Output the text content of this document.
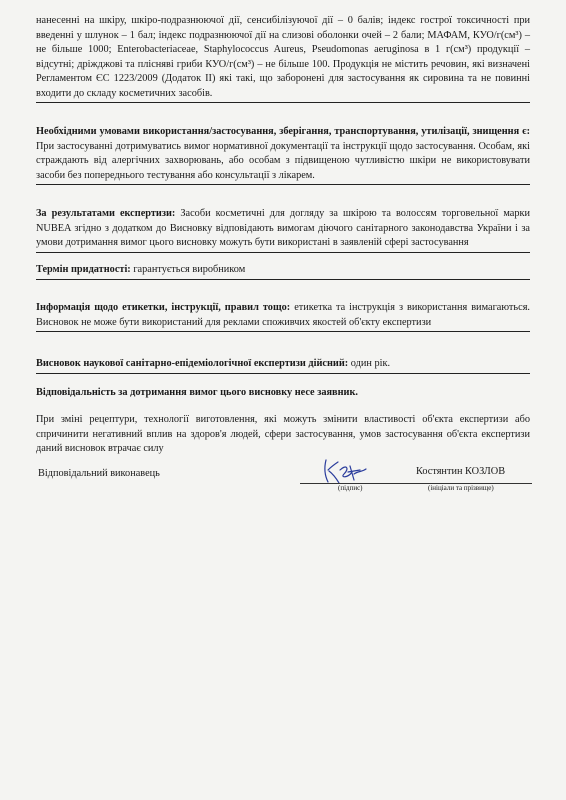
нанесенні на шкіру, шкіро-подразнюючої дії, сенсибілізуючої дії – 0 балів; індекс гострої токсичності при введенні у шлунок – 1 бал; індекс подразнюючої дії на слизові оболонки очей – 2 бали; МАФАМ, КУО/г(см³) – не більше 1000; Enterobacteriaceae, Staphylococcus Aureus, Pseudomonas aeruginosa в 1 г(см³) продукції – відсутні; дріжджові та пліснявi гриби КУО/г(см³) – не більше 100. Продукція не містить речовин, які визначені Регламентом ЄС 1223/2009 (Додаток II) які такі, що заборонені для застосування як сировина та не повинні входити до складу косметичних засобів.
Необхідними умовами використання/застосування, зберігання, транспортування, утилізації, знищення є: При застосуванні дотримуватись вимог нормативної документації та інструкції щодо застосування. Особам, які страждають від алергічних захворювань, або особам з підвищеною чутливістю шкіри не використовувати засоби без попереднього тестування або консультації з лікарем.
За результатами експертизи: Засоби косметичні для догляду за шкірою та волоссям торговельної марки NUBEA згідно з додатком до Висновку відповідають вимогам діючого санітарного законодавства України і за умови дотримання вимог цього висновку можуть бути використані в заявленій сфері застосування
Термін придатності: гарантується виробником
Інформація щодо етикетки, інструкції, правил тощо: етикетка та інструкція з використання вимагаються. Висновок не може бути використаний для реклами споживчих якостей об'єкту експертизи
Висновок наукової санітарно-епідеміологічної експертизи дійсний: один рік.
Відповідальність за дотримання вимог цього висновку несе заявник.
При зміні рецептури, технології виготовлення, які можуть змінити властивості об'єкта експертизи або спричинити негативний вплив на здоров'я людей, сфери застосування, умов застосування об'єкта експертизи даний висновок втрачає силу
Відповідальний виконавець
(підпис)
Костянтин КОЗЛОВ
(ініціали та прізвище)
